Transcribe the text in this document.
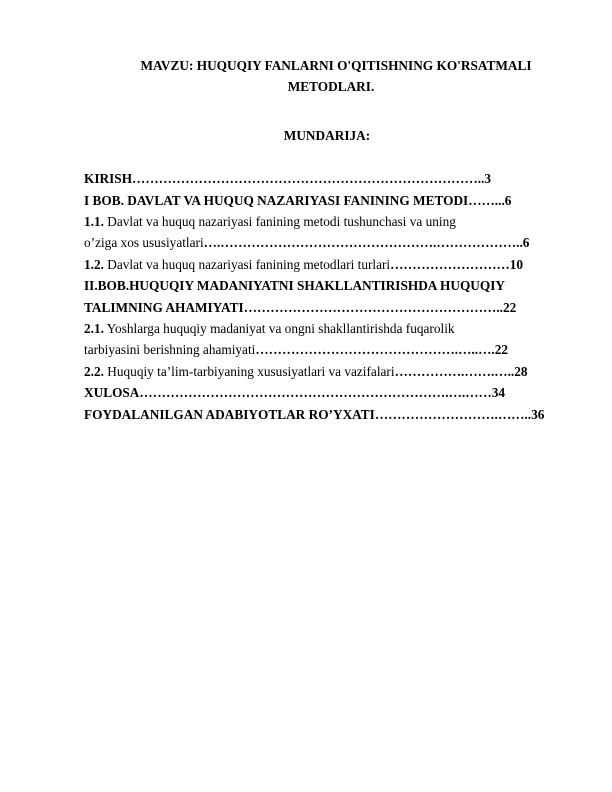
MAVZU: HUQUQIY FANLARNI O'QITISHNING KO'RSATMALI
METODLARI.
MUNDARIJA:
KIRISH……………………………………………………………………..3
I BOB. DAVLAT VA HUQUQ NAZARIYASI FANINING METODI……...6
1.1. Davlat va huquq nazariyasi fanining metodi tushunchasi va uning
o’ziga xos ususiyatlari….………………………………………….………………..6
1.2. Davlat va huquq nazariyasi fanining metodlari turlari………………………10
II.BOB.HUQUQIY MADANIYATNI SHAKLLANTIRISHDA HUQUQIY
TALIMNING AHAMIYATI…………………………………………………..22
2.1. Yoshlarga huquqiy madaniyat va ongni shakllantirishda fuqarolik
tarbiyasini berishning ahamiyati……………………………………….…..….22
2.2. Huquqiy ta’lim-tarbiyaning xususiyatlari va vazifalari…………….…….…..28
XULOSA…………………………………………………………….….……34
FOYDALANILGAN ADABIYOTLAR RO’YXATI……………………….……..36
